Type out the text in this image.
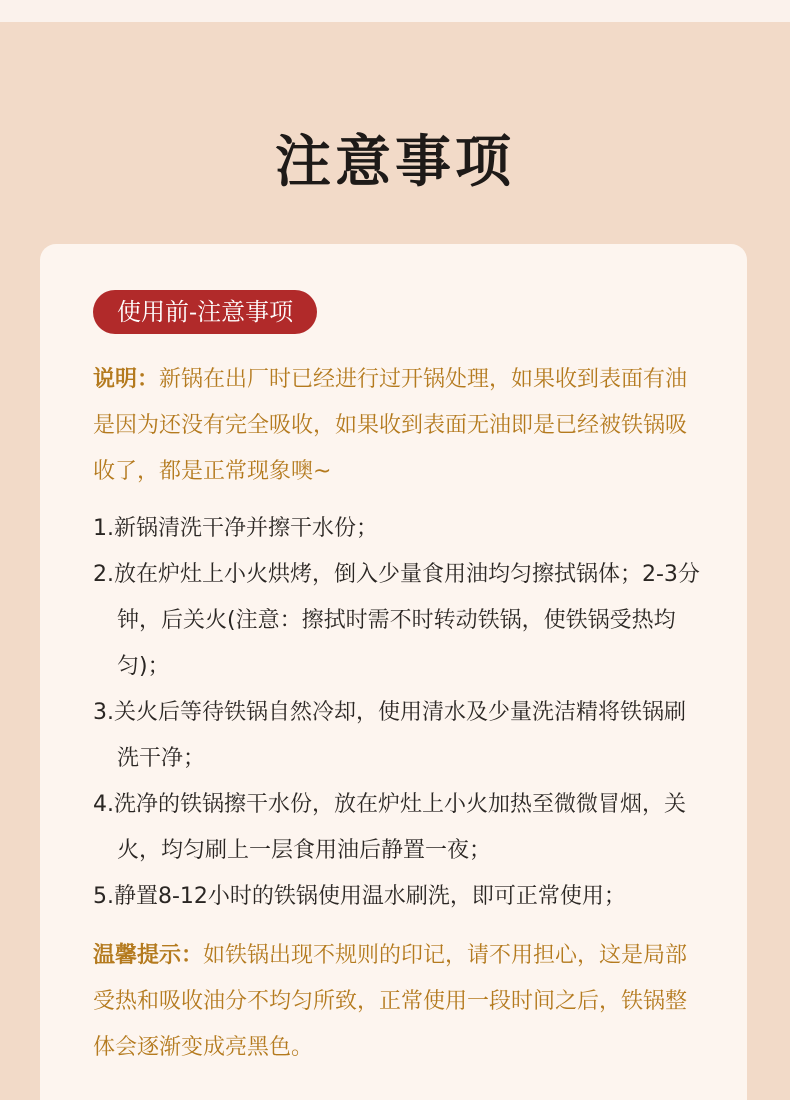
注意事项
使用前-注意事项
说明：新锅在出厂时已经进行过开锅处理，如果收到表面有油是因为还没有完全吸收，如果收到表面无油即是已经被铁锅吸收了，都是正常现象噢~
1.新锅清洗干净并擦干水份；
2.放在炉灶上小火烘烤，倒入少量食用油均匀擦拭锅体；2-3分钟，后关火(注意：擦拭时需不时转动铁锅，使铁锅受热均匀)；
3.关火后等待铁锅自然冷却，使用清水及少量洗洁精将铁锅刷洗干净；
4.洗净的铁锅擦干水份，放在炉灶上小火加热至微微冒烟，关火，均匀刷上一层食用油后静置一夜；
5.静置8-12小时的铁锅使用温水刷洗，即可正常使用；
温馨提示：如铁锅出现不规则的印记，请不用担心，这是局部受热和吸收油分不均匀所致，正常使用一段时间之后，铁锅整体会逐渐变成亮黑色。
